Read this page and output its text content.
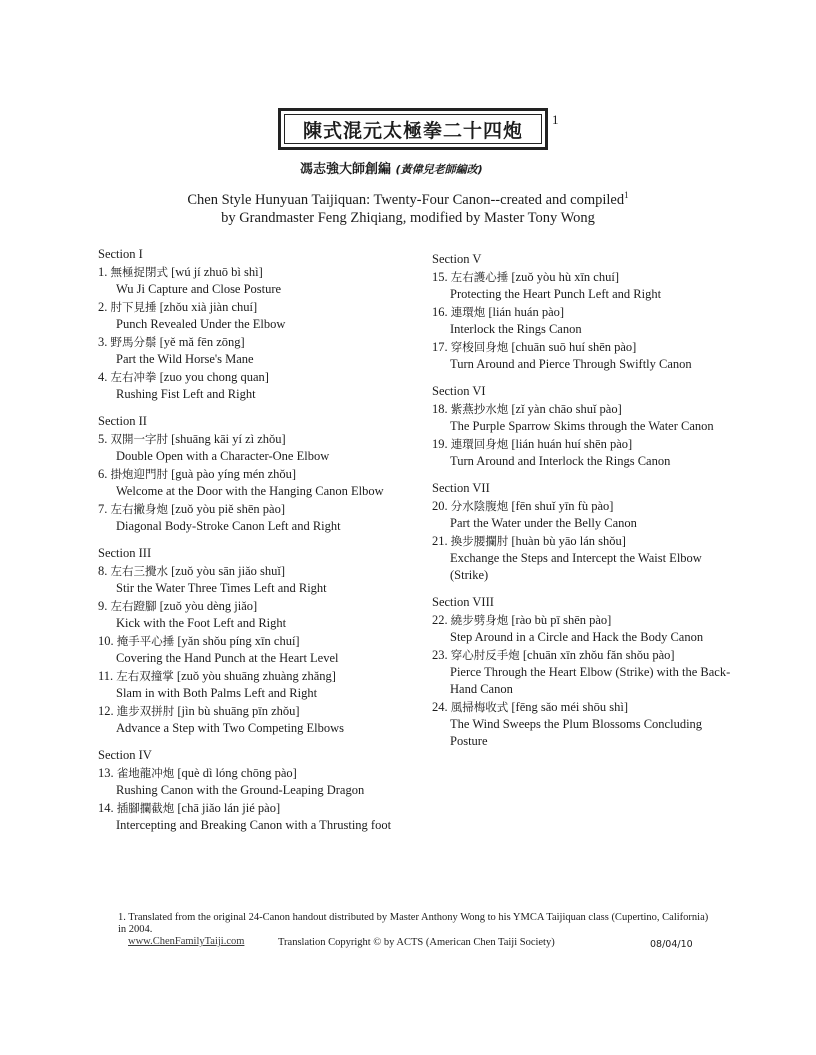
陳式混元太極拳二十四炮 1
馮志強大師創編 (黃偉兒老師編改)
Chen Style Hunyuan Taijiquan: Twenty-Four Canon--created and compiled$^1$
by Grandmaster Feng Zhiqiang, modified by Master Tony Wong
Section I
1. 無極捉閉式 [wú jí zhuō bì shì]
Wu Ji Capture and Close Posture
2. 肘下見捶 [zhǒu xià jiàn chuí]
Punch Revealed Under the Elbow
3. 野馬分鬃 [yě mǎ fēn zōng]
Part the Wild Horse's Mane
4. 左右冲拳 [zuo you chong quan]
Rushing Fist Left and Right
Section II
5. 双開一字肘 [shuāng kāi yí zì zhǒu]
Double Open with a Character-One Elbow
6. 掛炮迎門肘 [guà pào yíng mén zhǒu]
Welcome at the Door with the Hanging Canon Elbow
7. 左右撇身炮 [zuǒ yòu piě shēn pào]
Diagonal Body-Stroke Canon Left and Right
Section III
8. 左右三攪水 [zuǒ yòu sān jiǎo shuǐ]
Stir the Water Three Times Left and Right
9. 左右蹬腳 [zuǒ yòu dèng jiǎo]
Kick with the Foot Left and Right
10. 掩手平心捶 [yǎn shǒu píng xīn chuí]
Covering the Hand Punch at the Heart Level
11. 左右双撞掌 [zuǒ yòu shuāng zhuàng zhǎng]
Slam in with Both Palms Left and Right
12. 進步双拼肘 [jìn bù shuāng pīn zhǒu]
Advance a Step with Two Competing Elbows
Section IV
13. 雀地龍冲炮 [què dì lóng chōng pào]
Rushing Canon with the Ground-Leaping Dragon
14. 插腳攔截炮 [chā jiǎo lán jié pào]
Intercepting and Breaking Canon with a Thrusting foot
Section V
15. 左右護心捶 [zuǒ yòu hù xīn chuí]
Protecting the Heart Punch Left and Right
16. 連環炮 [lián huán pào]
Interlock the Rings Canon
17. 穿梭回身炮 [chuān suō huí shēn pào]
Turn Around and Pierce Through Swiftly Canon
Section VI
18. 紫燕抄水炮 [zǐ yàn chāo shuǐ pào]
The Purple Sparrow Skims through the Water Canon
19. 連環回身炮 [lián huán huí shēn pào]
Turn Around and Interlock the Rings Canon
Section VII
20. 分水陰腹炮 [fēn shuǐ yīn fù pào]
Part the Water under the Belly Canon
21. 換步腰攔肘 [huàn bù yāo lán shǒu]
Exchange the Steps and Intercept the Waist Elbow (Strike)
Section VIII
22. 繞步劈身炮 [rào bù pī shēn pào]
Step Around in a Circle and Hack the Body Canon
23. 穿心肘反手炮 [chuān xīn zhǒu fǎn shǒu pào]
Pierce Through the Heart Elbow (Strike) with the Back-Hand Canon
24. 風掃梅收式 [fēng sǎo méi shōu shì]
The Wind Sweeps the Plum Blossoms Concluding Posture
1. Translated from the original 24-Canon handout distributed by Master Anthony Wong to his YMCA Taijiquan class (Cupertino, California) in 2004.
www.ChenFamilyTaiji.com	Translation Copyright © by ACTS (American Chen Taiji Society)	08/04/10
